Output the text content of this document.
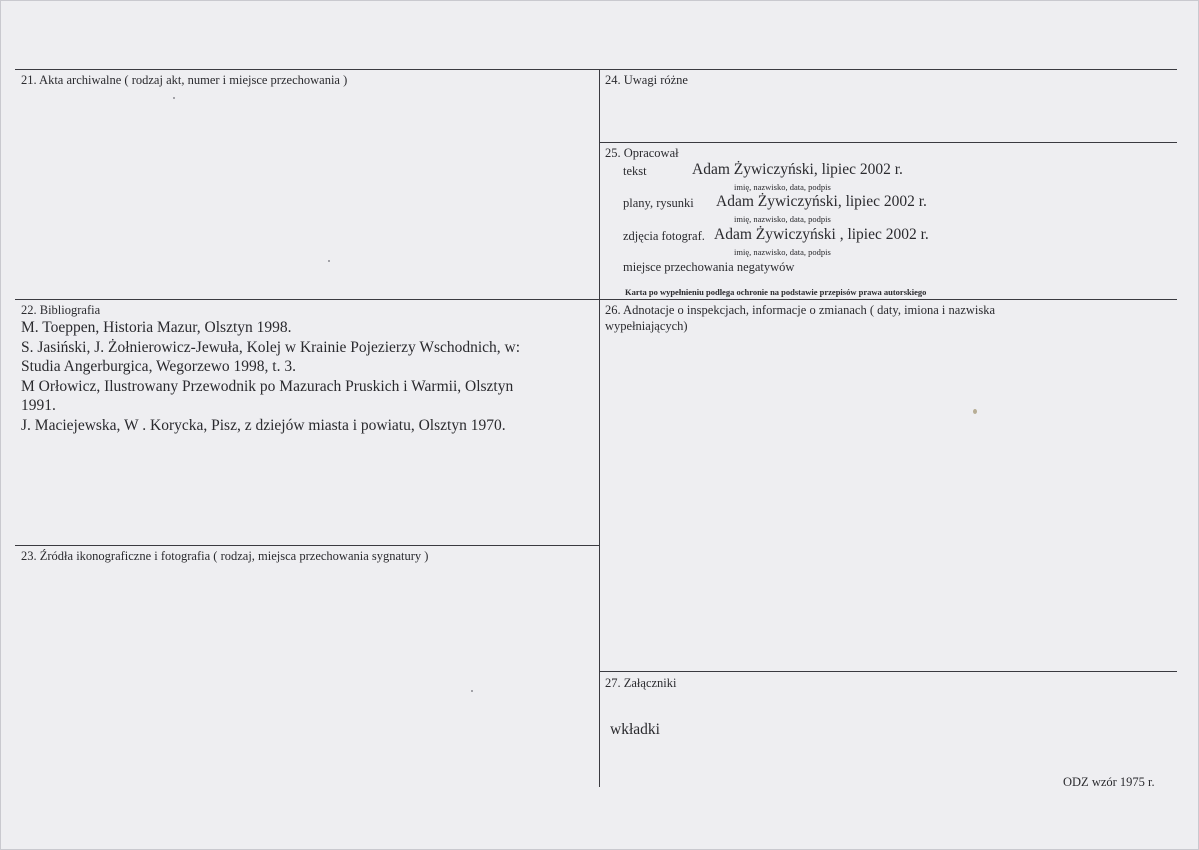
21. Akta archiwalne ( rodzaj akt, numer i miejsce przechowania )
22. Bibliografia
M. Toeppen, Historia Mazur, Olsztyn 1998.
S. Jasiński, J. Żołnierowicz-Jewuła, Kolej w Krainie Pojezierzy Wschodnich, w:
Studia Angerburgica, Wegorzewo 1998, t. 3.
M Orłowicz, Ilustrowany Przewodnik po Mazurach Pruskich i Warmii, Olsztyn
1991.
J. Maciejewska, W . Korycka, Pisz, z dziejów miasta i powiatu, Olsztyn 1970.
23. Źródła ikonograficzne i fotografia ( rodzaj, miejsca przechowania sygnatury )
24. Uwagi różne
25. Opracował
tekst	Adam Żywiczyński, lipiec 2002 r.
imię, nazwisko, data, podpis
plany, rysunki Adam Żywiczyński, lipiec 2002 r.
imię, nazwisko, data, podpis
zdjęcia fotograf. Adam Żywiczyński , lipiec 2002 r.
imię, nazwisko, data, podpis
miejsce przechowania negatywów
Karta po wypełnieniu podlega ochronie na podstawie przepisów prawa autorskiego
26. Adnotacje o inspekcjach, informacje o zmianach ( daty, imiona i nazwiska
wypełniających)
27. Załączniki
wkładki
ODZ wzór 1975 r.
